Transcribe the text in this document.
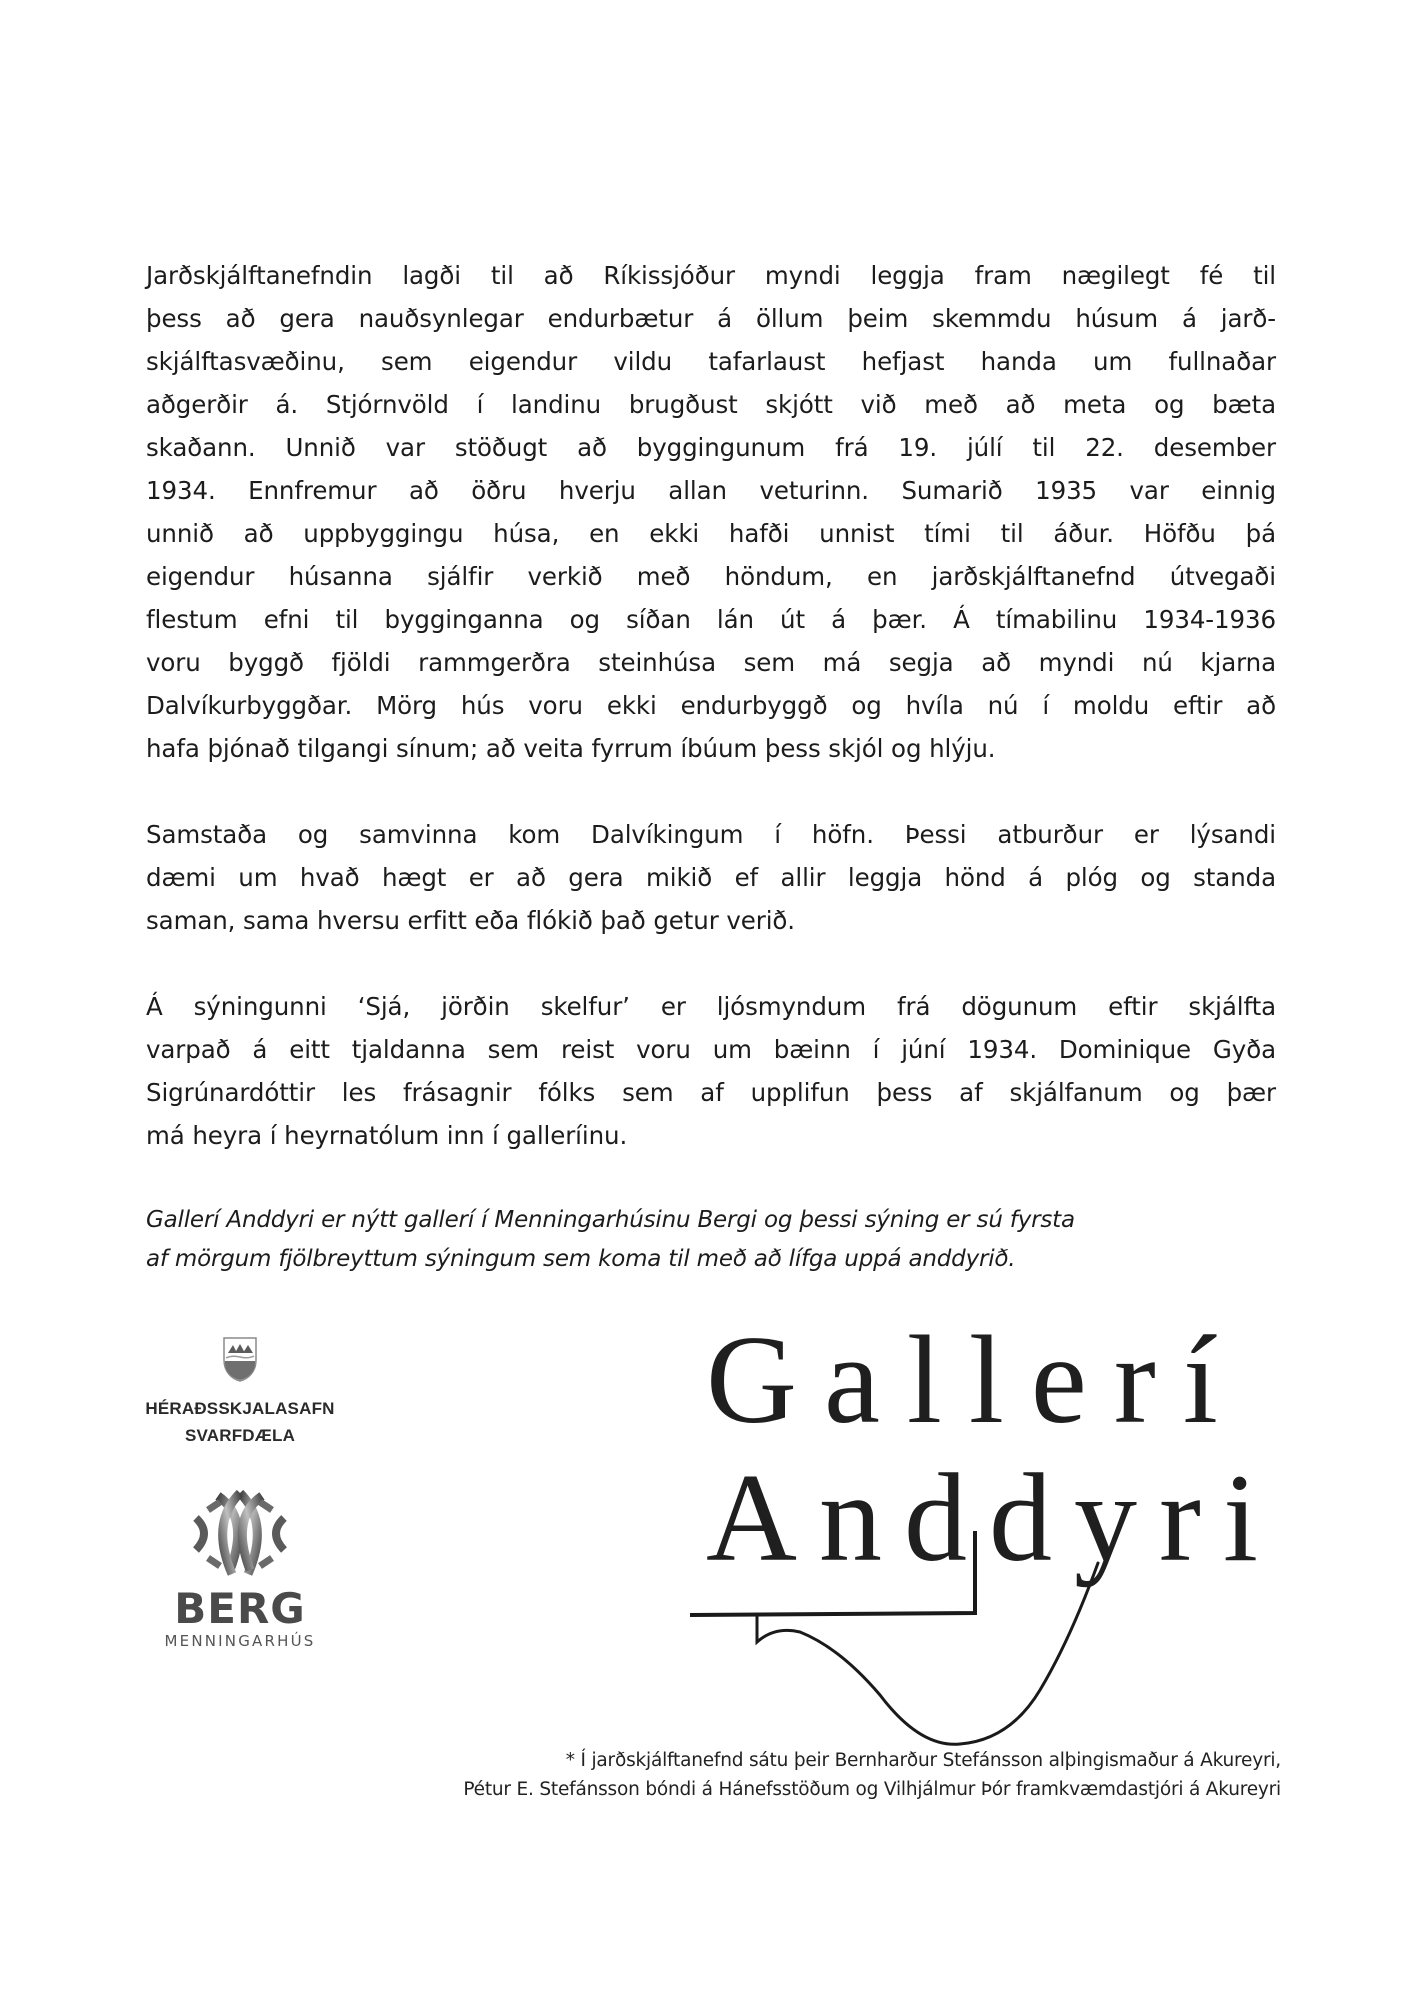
Jarðskjálftanefndin lagði til að Ríkissjóður myndi leggja fram nægilegt fé til
þess að gera nauðsynlegar endurbætur á öllum þeim skemmdu húsum á jarð-
skjálftasvæðinu, sem eigendur vildu tafarlaust hefjast handa um fullnaðar
aðgerðir á. Stjórnvöld í landinu brugðust skjótt við með að meta og bæta
skaðann. Unnið var stöðugt að byggingunum frá 19. júlí til 22. desember
1934. Ennfremur að öðru hverju allan veturinn. Sumarið 1935 var einnig
unnið að uppbyggingu húsa, en ekki hafði unnist tími til áður. Höfðu þá
eigendur húsanna sjálfir verkið með höndum, en jarðskjálftanefnd útvegaði
flestum efni til bygginganna og síðan lán út á þær. Á tímabilinu 1934-1936
voru byggð fjöldi rammgerðra steinhúsa sem má segja að myndi nú kjarna
Dalvíkurbyggðar. Mörg hús voru ekki endurbyggð og hvíla nú í moldu eftir að
hafa þjónað tilgangi sínum; að veita fyrrum íbúum þess skjól og hlýju.
Samstaða og samvinna kom Dalvíkingum í höfn. Þessi atburður er lýsandi
dæmi um hvað hægt er að gera mikið ef allir leggja hönd á plóg og standa
saman, sama hversu erfitt eða flókið það getur verið.
Á sýningunni ‘Sjá, jörðin skelfur’ er ljósmyndum frá dögunum eftir skjálfta
varpað á eitt tjaldanna sem reist voru um bæinn í júní 1934. Dominique Gyða
Sigrúnardóttir les frásagnir fólks sem af upplifun þess af skjálfanum og þær
má heyra í heyrnatólum inn í galleríinu.

Gallerí Anddyri er nýtt gallerí í Menningarhúsinu Bergi og þessi sýning er sú fyrsta

af mörgum fjölbreyttum sýningum sem koma til með að lífga uppá anddyrið.

HÉRAÐSSKJALASAFN
SVARFDÆLA
BERG
MENNINGARHÚS
Gallerí
Anddyri
* Í jarðskjálftanefnd sátu þeir Bernharður Stefánsson alþingismaður á Akureyri,
Pétur E. Stefánsson bóndi á Hánefsstöðum og Vilhjálmur Þór framkvæmdastjóri á Akureyri
